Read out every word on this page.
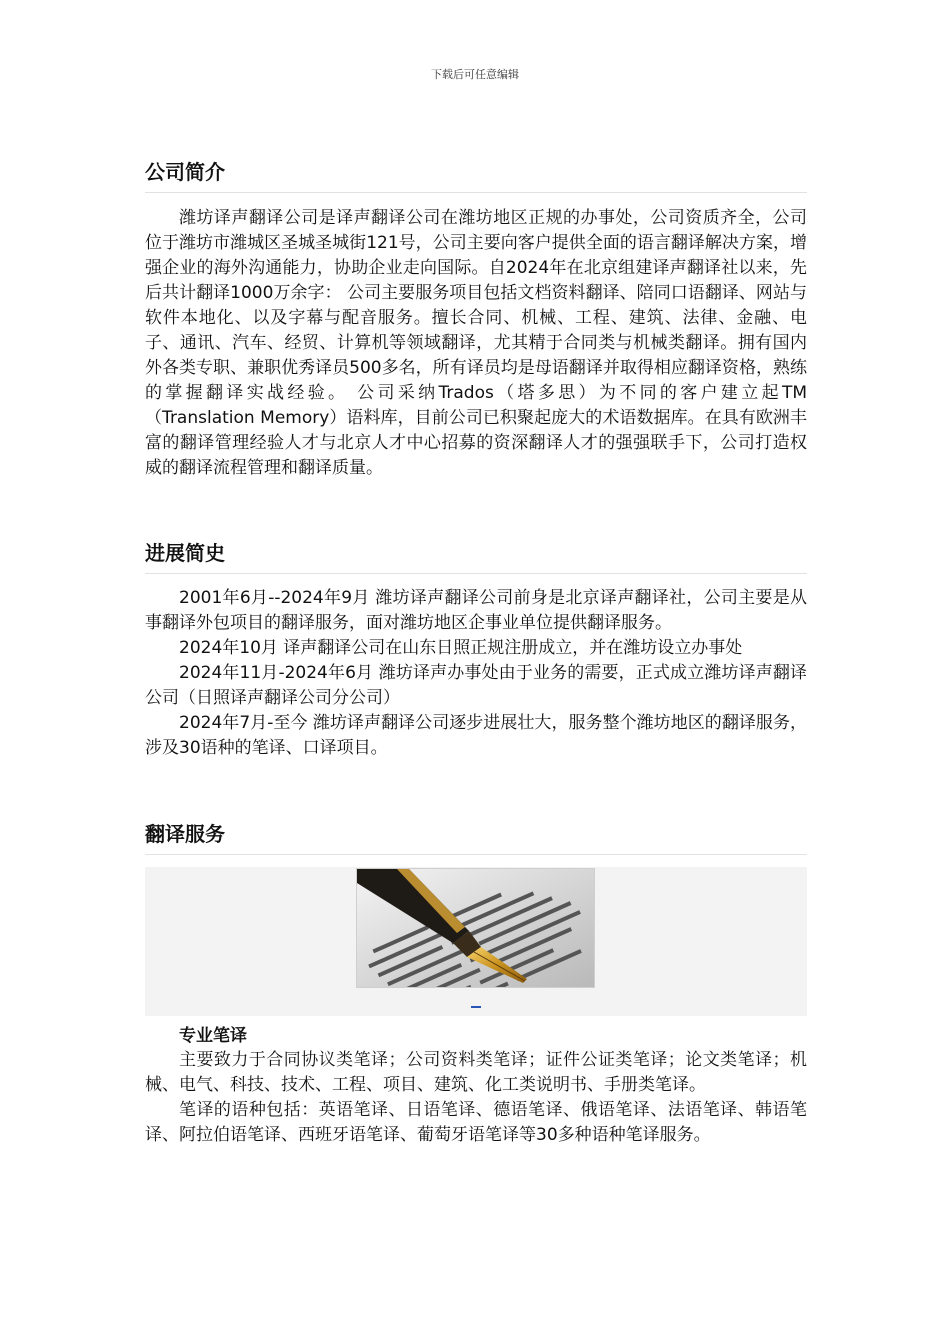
下载后可任意编辑
公司简介

潍坊译声翻译公司是译声翻译公司在潍坊地区正规的办事处，公司资质齐全，公司位于潍坊市潍城区圣城圣城街121号，公司主要向客户提供全面的语言翻译解决方案，增强企业的海外沟通能力，协助企业走向国际。自2024年在北京组建译声翻译社以来，先后共计翻译1000万余字： 公司主要服务项目包括文档资料翻译、陪同口语翻译、网站与软件本地化、以及字幕与配音服务。擅长合同、机械、工程、建筑、法律、金融、电子、通讯、汽车、经贸、计算机等领域翻译，尤其精于合同类与机械类翻译。拥有国内外各类专职、兼职优秀译员500多名，所有译员均是母语翻译并取得相应翻译资格，熟练的掌握翻译实战经验。 公司采纳Trados（塔多思）为不同的客户建立起TM（Translation Memory）语料库，目前公司已积聚起庞大的术语数据库。在具有欧洲丰富的翻译管理经验人才与北京人才中心招募的资深翻译人才的强强联手下，公司打造权威的翻译流程管理和翻译质量。

进展简史

2001年6月--2024年9月 潍坊译声翻译公司前身是北京译声翻译社，公司主要是从事翻译外包项目的翻译服务，面对潍坊地区企事业单位提供翻译服务。

2024年10月 译声翻译公司在山东日照正规注册成立，并在潍坊设立办事处

2024年11月-2024年6月 潍坊译声办事处由于业务的需要，正式成立潍坊译声翻译公司（日照译声翻译公司分公司）

2024年7月-至今 潍坊译声翻译公司逐步进展壮大，服务整个潍坊地区的翻译服务，涉及30语种的笔译、口译项目。

翻译服务
专业笔译

主要致力于合同协议类笔译；公司资料类笔译；证件公证类笔译；论文类笔译；机械、电气、科技、技术、工程、项目、建筑、化工类说明书、手册类笔译。

笔译的语种包括：英语笔译、日语笔译、德语笔译、俄语笔译、法语笔译、韩语笔译、阿拉伯语笔译、西班牙语笔译、葡萄牙语笔译等30多种语种笔译服务。
